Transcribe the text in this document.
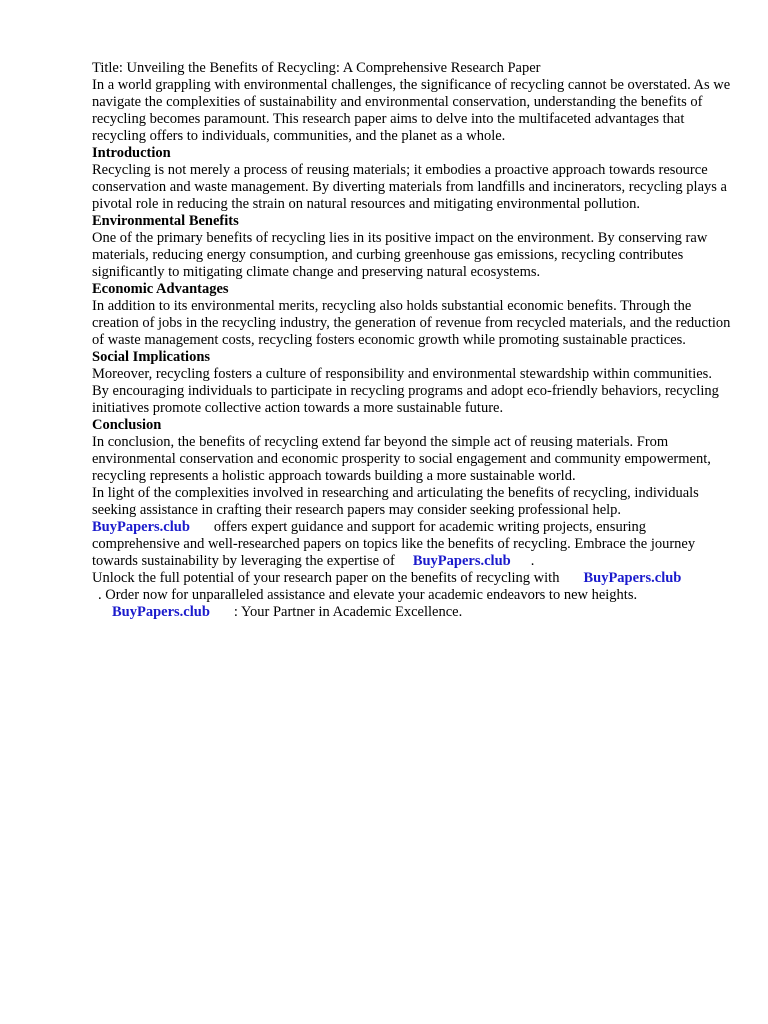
Title: Unveiling the Benefits of Recycling: A Comprehensive Research Paper

In a world grappling with environmental challenges, the significance of recycling cannot be overstated. As we navigate the complexities of sustainability and environmental conservation, understanding the benefits of recycling becomes paramount. This research paper aims to delve into the multifaceted advantages that recycling offers to individuals, communities, and the planet as a whole.

Introduction

Recycling is not merely a process of reusing materials; it embodies a proactive approach towards resource conservation and waste management. By diverting materials from landfills and incinerators, recycling plays a pivotal role in reducing the strain on natural resources and mitigating environmental pollution.

Environmental Benefits

One of the primary benefits of recycling lies in its positive impact on the environment. By conserving raw materials, reducing energy consumption, and curbing greenhouse gas emissions, recycling contributes significantly to mitigating climate change and preserving natural ecosystems.

Economic Advantages

In addition to its environmental merits, recycling also holds substantial economic benefits. Through the creation of jobs in the recycling industry, the generation of revenue from recycled materials, and the reduction of waste management costs, recycling fosters economic growth while promoting sustainable practices.

Social Implications

Moreover, recycling fosters a culture of responsibility and environmental stewardship within communities. By encouraging individuals to participate in recycling programs and adopt eco-friendly behaviors, recycling initiatives promote collective action towards a more sustainable future.

Conclusion

In conclusion, the benefits of recycling extend far beyond the simple act of reusing materials. From environmental conservation and economic prosperity to social engagement and community empowerment, recycling represents a holistic approach towards building a more sustainable world.

In light of the complexities involved in researching and articulating the benefits of recycling, individuals seeking assistance in crafting their research papers may consider seeking professional help.BuyPapers.club offers expert guidance and support for academic writing projects, ensuring comprehensive and well-researched papers on topics like the benefits of recycling. Embrace the journey towards sustainability by leveraging the expertise of BuyPapers.club .

Unlock the full potential of your research paper on the benefits of recycling with BuyPapers.club
. Order now for unparalleled assistance and elevate your academic endeavors to new heights.

BuyPapers.club : Your Partner in Academic Excellence.
